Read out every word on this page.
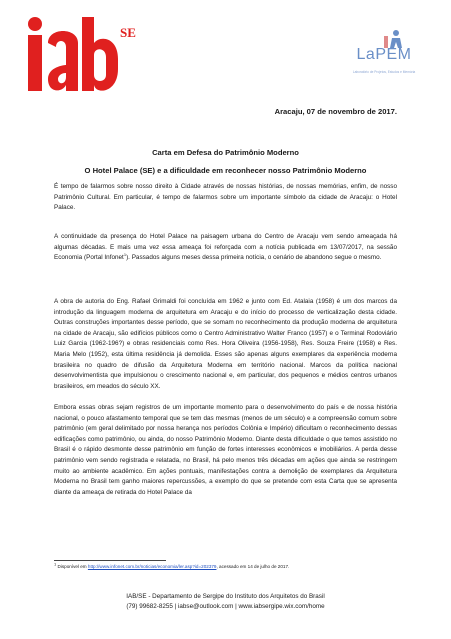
SE
LaPEM
Laboratório de Projetos, Estudos e Memória
Aracaju, 07 de novembro de 2017.
Carta em Defesa do Patrimônio Moderno
O Hotel Palace (SE) e a dificuldade em reconhecer nosso Patrimônio Moderno

É tempo de falarmos sobre nosso direito à Cidade através de nossas histórias, de nossas memórias, enfim, de nosso Patrimônio Cultural. Em particular, é tempo de falarmos sobre um importante símbolo da cidade de Aracaju: o Hotel Palace.

A continuidade da presença do Hotel Palace na paisagem urbana do Centro de Aracaju vem sendo ameaçada há algumas décadas. E mais uma vez essa ameaça foi reforçada com a notícia publicada em 13/07/2017, na sessão Economia (Portal Infonet$^1$). Passados alguns meses dessa primeira notícia, o cenário de abandono segue o mesmo.

A obra de autoria do Eng. Rafael Grimaldi foi concluída em 1962 e junto com Ed. Atalaia (1958) é um dos marcos da introdução da linguagem moderna de arquitetura em Aracaju e do início do processo de verticalização desta cidade. Outras construções importantes desse período, que se somam no reconhecimento da produção moderna de arquitetura na cidade de Aracaju, são edifícios públicos como o Centro Administrativo Walter Franco (1957) e o Terminal Rodoviário Luiz Garcia (1962-196?) e obras residenciais como Res. Hora Oliveira (1956-1958), Res. Souza Freire (1958) e Res. Maria Melo (1952), esta última residência já demolida. Esses são apenas alguns exemplares da experiência moderna brasileira no quadro de difusão da Arquitetura Moderna em território nacional. Marcos da política nacional desenvolvimentista que impulsionou o crescimento nacional e, em particular, dos pequenos e médios centros urbanos brasileiros, em meados do século XX.

Embora essas obras sejam registros de um importante momento para o desenvolvimento do país e de nossa história nacional, o pouco afastamento temporal que se tem das mesmas (menos de um século) e a compreensão comum sobre patrimônio (em geral delimitado por nossa herança nos períodos Colônia e Império) dificultam o reconhecimento dessas edificações como patrimônio, ou ainda, do nosso Patrimônio Moderno. Diante desta dificuldade o que temos assistido no Brasil é o rápido desmonte desse patrimônio em função de fortes interesses econômicos e imobiliários. A perda desse patrimônio vem sendo registrada e relatada, no Brasil, há pelo menos três décadas em ações que ainda se restringem muito ao ambiente acadêmico. Em ações pontuais, manifestações contra a demolição de exemplares da Arquitetura Moderna no Brasil tem ganho maiores repercussões, a exemplo do que se pretende com esta Carta que se apresenta diante da ameaça de retirada do Hotel Palace da

1 Disponível em http://www.infonet.com.br/noticias/economia/ler.asp?id=202379, acessado em 14 de julho de 2017.

IAB/SE - Departamento de Sergipe do Instituto dos Arquitetos do Brasil
(79) 99682-8255 | iabse@outlook.com | www.iabsergipe.wix.com/home
